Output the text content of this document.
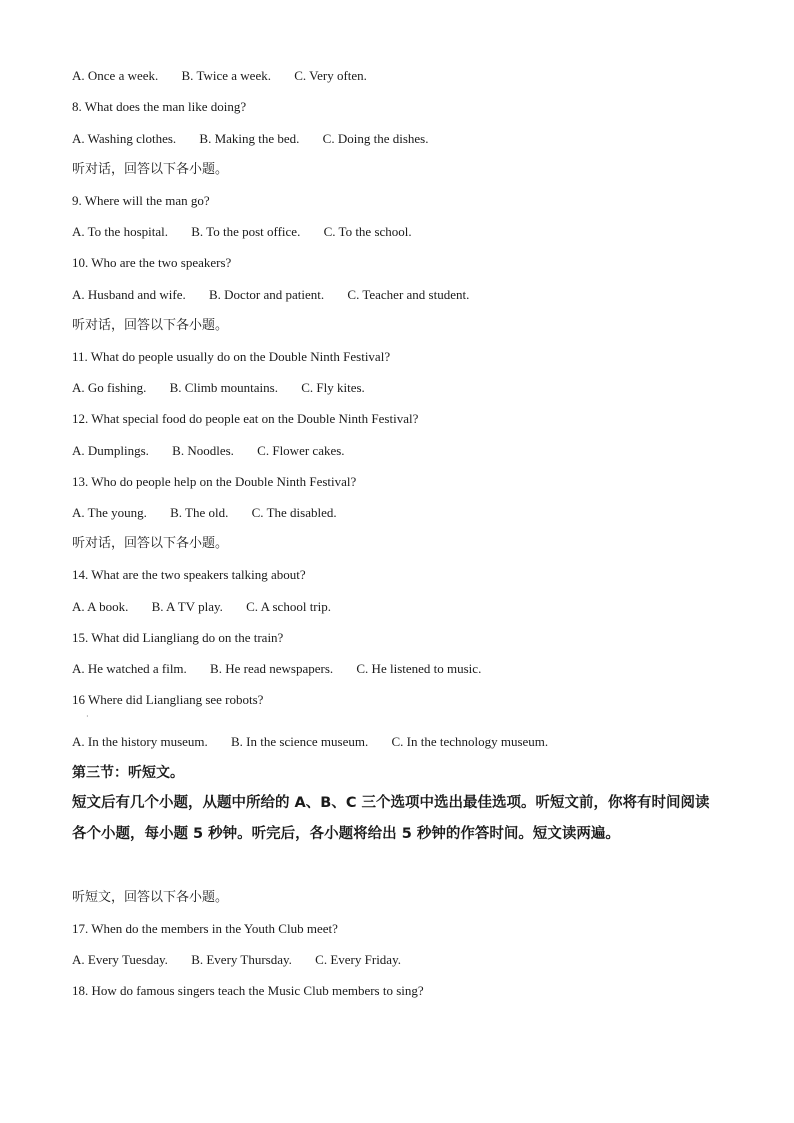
A. Once a week. B. Twice a week. C. Very often.
8. What does the man like doing?
A. Washing clothes. B. Making the bed. C. Doing the dishes.
听对话，回答以下各小题。
9. Where will the man go?
A. To the hospital. B. To the post office. C. To the school.
10. Who are the two speakers?
A. Husband and wife. B. Doctor and patient. C. Teacher and student.
听对话，回答以下各小题。
11. What do people usually do on the Double Ninth Festival?
A. Go fishing. B. Climb mountains. C. Fly kites.
12. What special food do people eat on the Double Ninth Festival?
A. Dumplings. B. Noodles. C. Flower cakes.
13. Who do people help on the Double Ninth Festival?
A. The young. B. The old. C. The disabled.
听对话，回答以下各小题。
14. What are the two speakers talking about?
A. A book. B. A TV play. C. A school trip.
15. What did Liangliang do on the train?
A. He watched a film. B. He read newspapers. C. He listened to music.
16 Where did Liangliang see robots?
·
A. In the history museum. B. In the science museum. C. In the technology museum.
第三节：听短文。
短文后有几个小题，从题中所给的 A、B、C 三个选项中选出最佳选项。听短文前，你将有时间阅读各个小题，每小题 5 秒钟。听完后，各小题将给出 5 秒钟的作答时间。短文读两遍。
听短文，回答以下各小题。
17. When do the members in the Youth Club meet?
A. Every Tuesday. B. Every Thursday. C. Every Friday.
18. How do famous singers teach the Music Club members to sing?
